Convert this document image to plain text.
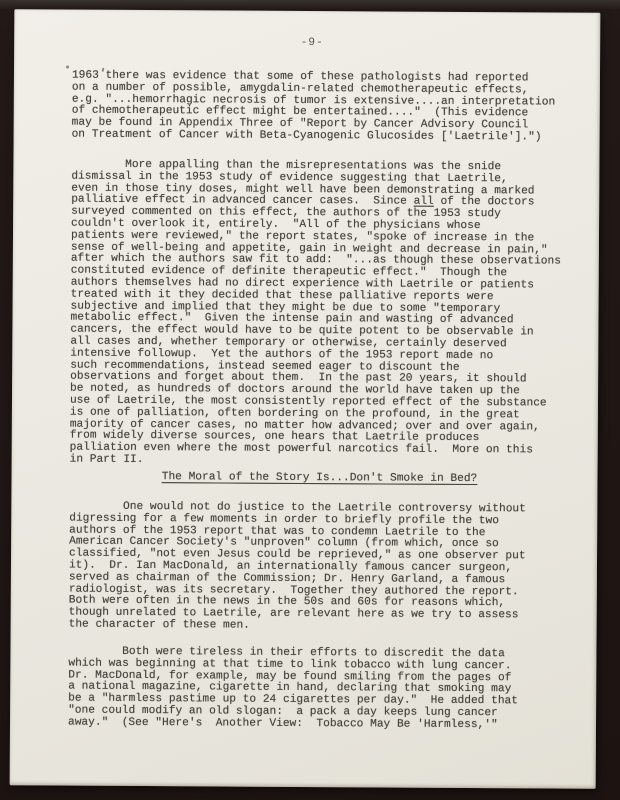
-9-
1963 there was evidence that some of these pathologists had reported
on a number of possible, amygdalin-related chemotherapeutic effects,
e.g. "...hemorrhagic necrosis of tumor is extensive....an interpretation
of chemotherapeutic effect might be entertained...."  (This evidence
may be found in Appendix Three of "Report by Cancer Advisory Council
on Treatment of Cancer with Beta-Cyanogenic Glucosides ['Laetrile'].")
More appalling than the misrepresentations was the snide
dismissal in the 1953 study of evidence suggesting that Laetrile,
even in those tiny doses, might well have been demonstrating a marked
palliative effect in advanced cancer cases.  Since all of the doctors
surveyed commented on this effect, the authors of the 1953 study
couldn't overlook it, entirely.  "All of the physicians whose
patients were reviewed," the report states, "spoke of increase in the
sense of well-being and appetite, gain in weight and decrease in pain,"
after which the authors saw fit to add:  "...as though these observations
constituted evidence of definite therapeutic effect."  Though the
authors themselves had no direct experience with Laetrile or patients
treated with it they decided that these palliative reports were
subjective and implied that they might be due to some "temporary
metabolic effect."  Given the intense pain and wasting of advanced
cancers, the effect would have to be quite potent to be observable in
all cases and, whether temporary or otherwise, certainly deserved
intensive followup.  Yet the authors of the 1953 report made no
such recommendations, instead seemed eager to discount the
observations and forget about them.  In the past 20 years, it should
be noted, as hundreds of doctors around the world have taken up the
use of Laetrile, the most consistently reported effect of the substance
is one of palliation, often bordering on the profound, in the great
majority of cancer cases, no matter how advanced; over and over again,
from widely diverse sources, one hears that Laetrile produces
palliation even where the most powerful narcotics fail.  More on this
in Part II.
The Moral of the Story Is...Don't Smoke in Bed?
One would not do justice to the Laetrile controversy without
digressing for a few moments in order to briefly profile the two
authors of the 1953 report that was to condemn Laetrile to the
American Cancer Society's "unproven" column (from which, once so
classified, "not even Jesus could be reprieved," as one observer put
it).  Dr. Ian MacDonald, an internationally famous cancer surgeon,
served as chairman of the Commission; Dr. Henry Garland, a famous
radiologist, was its secretary.  Together they authored the report.
Both were often in the news in the 50s and 60s for reasons which,
though unrelated to Laetrile, are relevant here as we try to assess
the character of these men.
Both were tireless in their efforts to discredit the data
which was beginning at that time to link tobacco with lung cancer.
Dr. MacDonald, for example, may be found smiling from the pages of
a national magazine, cigarette in hand, declaring that smoking may
be a "harmless pastime up to 24 cigarettes per day."  He added that
"one could modify an old slogan:  a pack a day keeps lung cancer
away."  (See "Here's  Another View:  Tobacco May Be 'Harmless,'"
